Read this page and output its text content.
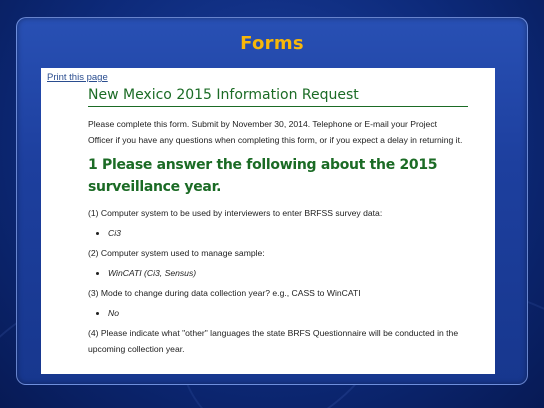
Forms
Print this page
New Mexico 2015 Information Request

Please complete this form. Submit by November 30, 2014. Telephone or E-mail your Project Officer if you have any questions when completing this form, or if you expect a delay in returning it.

1 Please answer the following about the 2015 surveillance year.

(1) Computer system to be used by interviewers to enter BRFSS survey data:

• Ci3

(2) Computer system used to manage sample:

• WinCATI (Ci3, Sensus)

(3) Mode to change during data collection year? e.g., CASS to WinCATI

• No

(4) Please indicate what "other" languages the state BRFS Questionnaire will be conducted in the upcoming collection year.
